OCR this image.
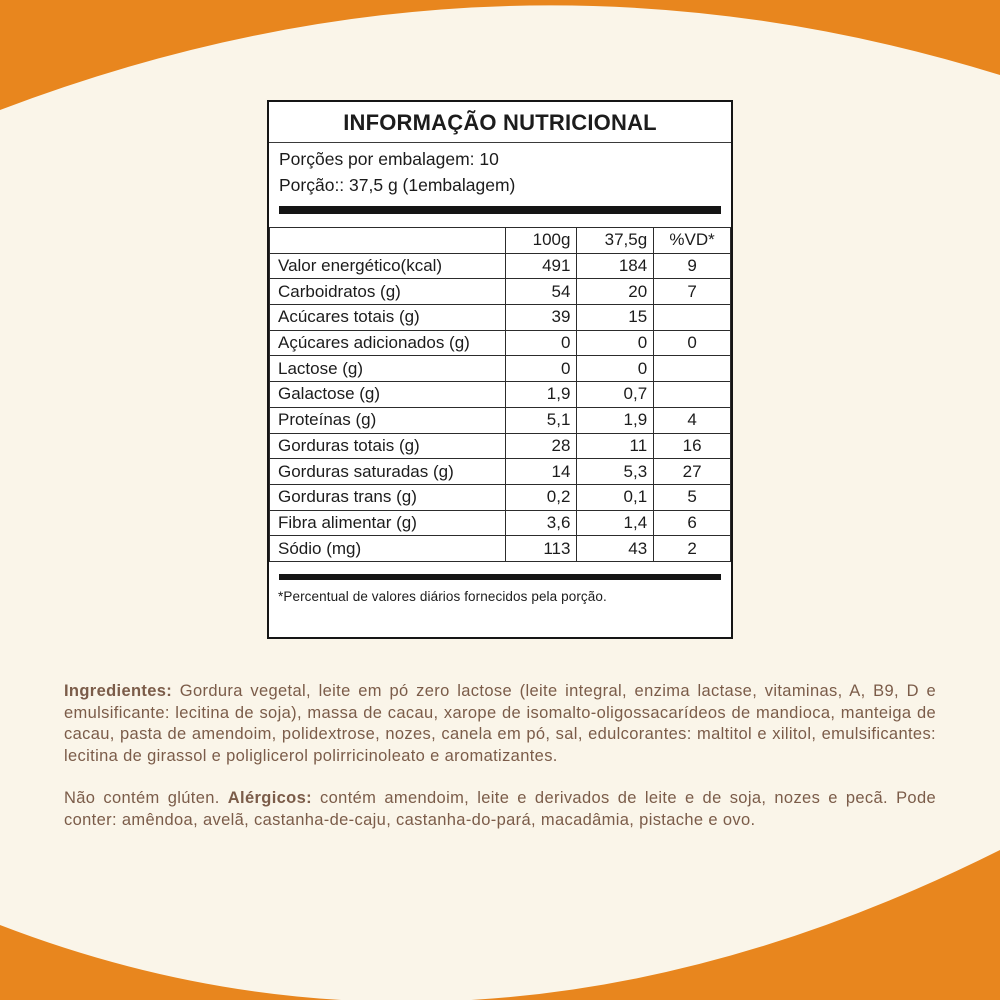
INFORMAÇÃO NUTRICIONAL
Porções por embalagem: 10
Porção:: 37,5 g (1embalagem)
	100g	37,5g	%VD*
Valor energético(kcal)	491	184	9
Carboidratos (g)	54	20	7
Acúcares totais (g)	39	15	
Açúcares adicionados (g)	0	0	0
Lactose (g)	0	0	
Galactose (g)	1,9	0,7	
Proteínas (g)	5,1	1,9	4
Gorduras totais (g)	28	11	16
Gorduras saturadas (g)	14	5,3	27
Gorduras trans (g)	0,2	0,1	5
Fibra alimentar (g)	3,6	1,4	6
Sódio (mg)	113	43	2
*Percentual de valores diários fornecidos pela porção.

Ingredientes: Gordura vegetal, leite em pó zero lactose (leite integral, enzima lactase, vitaminas, A, B9, D e emulsificante: lecitina de soja), massa de cacau, xarope de isomalto-oligossacarídeos de mandioca, manteiga de cacau, pasta de amendoim, polidextrose, nozes, canela em pó, sal, edulcorantes: maltitol e xilitol, emulsificantes: lecitina de girassol e poliglicerol polirricinoleato e aromatizantes.

Não contém glúten. Alérgicos: contém amendoim, leite e derivados de leite e de soja, nozes e pecã. Pode conter: amêndoa, avelã, castanha-de-caju, castanha-do-pará, macadâmia, pistache e ovo.
